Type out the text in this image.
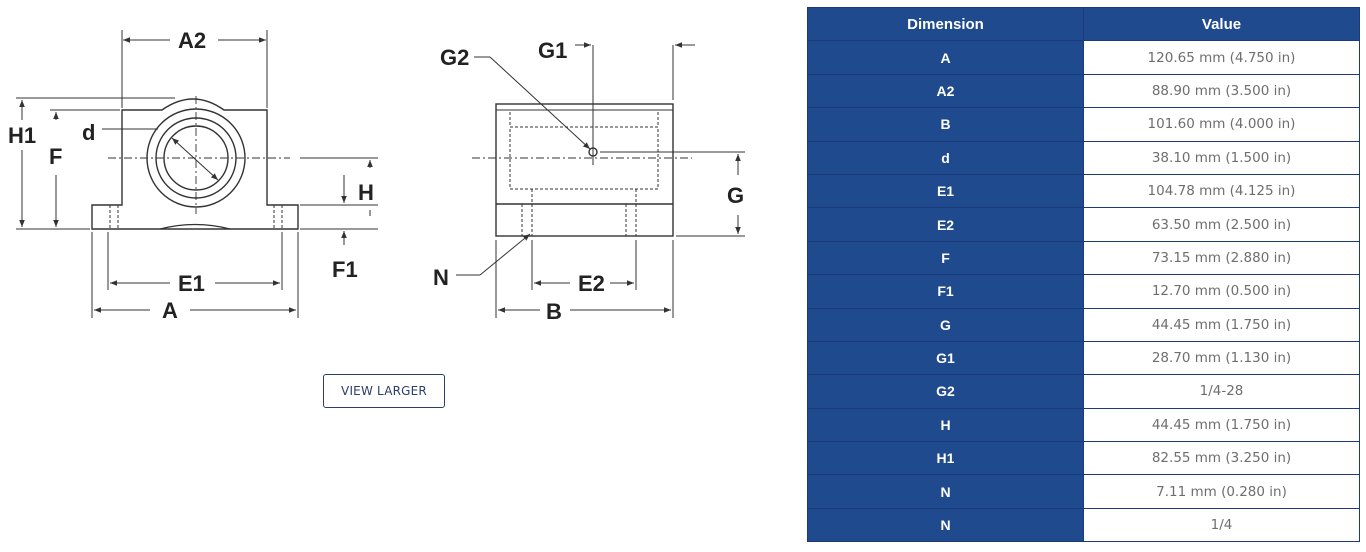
A2
H1
F
d
H
F1
E1
A
G1
G2
G
N	E2
B
VIEW LARGER
Dimension	Value
A	120.65 mm (4.750 in)
A2	88.90 mm (3.500 in)
B	101.60 mm (4.000 in)
d	38.10 mm (1.500 in)
E1	104.78 mm (4.125 in)
E2	63.50 mm (2.500 in)
F	73.15 mm (2.880 in)
F1	12.70 mm (0.500 in)
G	44.45 mm (1.750 in)
G1	28.70 mm (1.130 in)
G2	1/4-28
H	44.45 mm (1.750 in)
H1	82.55 mm (3.250 in)
N	7.11 mm (0.280 in)
N	1/4
